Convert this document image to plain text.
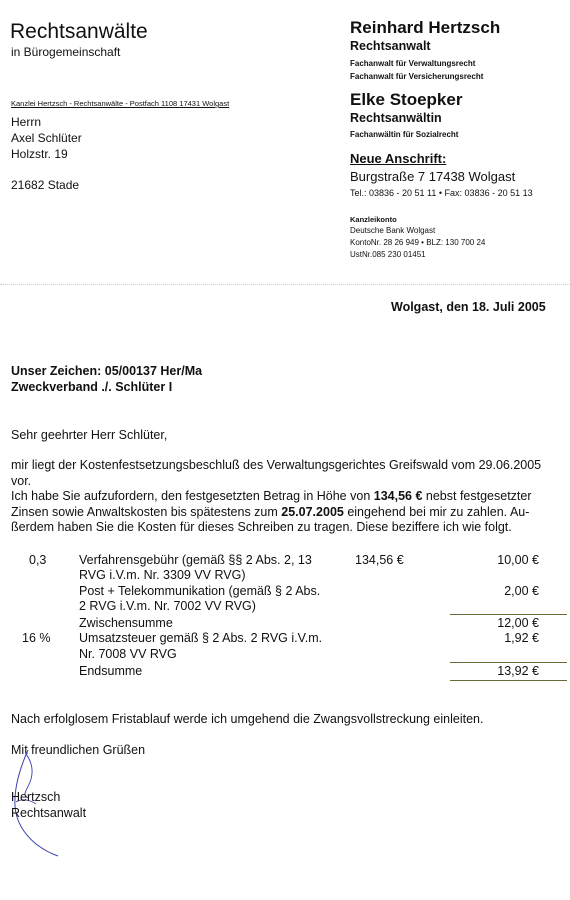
Rechtsanwälte
in Bürogemeinschaft
Kanzlei Hertzsch - Rechtsanwälte - Postfach 1108 17431 Wolgast
Herrn
Axel Schlüter
Holzstr. 19
21682 Stade
Reinhard Hertzsch
Rechtsanwalt
Fachanwalt für Verwaltungsrecht
Fachanwalt für Versicherungsrecht
Elke Stoepker
Rechtsanwältin
Fachanwältin für Sozialrecht
Neue Anschrift:
Burgstraße 7 17438 Wolgast
Tel.: 03836 - 20 51 11 • Fax: 03836 - 20 51 13
Kanzleikonto
Deutsche Bank Wolgast
KontoNr. 28 26 949 • BLZ: 130 700 24
UstNr.085 230 01451
Wolgast, den 18. Juli 2005
Unser Zeichen: 05/00137 Her/Ma
Zweckverband ./. Schlüter I
Sehr geehrter Herr Schlüter,
mir liegt der Kostenfestsetzungsbeschluß des Verwaltungsgerichtes Greifswald vom 29.06.2005
vor.
Ich habe Sie aufzufordern, den festgesetzten Betrag in Höhe von 134,56 € nebst festgesetzter
Zinsen sowie Anwaltskosten bis spätestens zum 25.07.2005 eingehend bei mir zu zahlen. Au-
ßerdem haben Sie die Kosten für dieses Schreiben zu tragen. Diese beziffere ich wie folgt.
0,3	Verfahrensgebühr (gemäß §§ 2 Abs. 2, 13
RVG i.V.m. Nr. 3309 VV RVG)
134,56 €	10,00 €
Post + Telekommunikation (gemäß § 2 Abs.
2 RVG i.V.m. Nr. 7002 VV RVG)
2,00 €
Zwischensumme	12,00 €
16 % Umsatzsteuer gemäß § 2 Abs. 2 RVG i.V.m.
Nr. 7008 VV RVG
1,92 €
Endsumme	13,92 €
Nach erfolglosem Fristablauf werde ich umgehend die Zwangsvollstreckung einleiten.
Mit freundlichen Grüßen
Hertzsch
Rechtsanwalt
